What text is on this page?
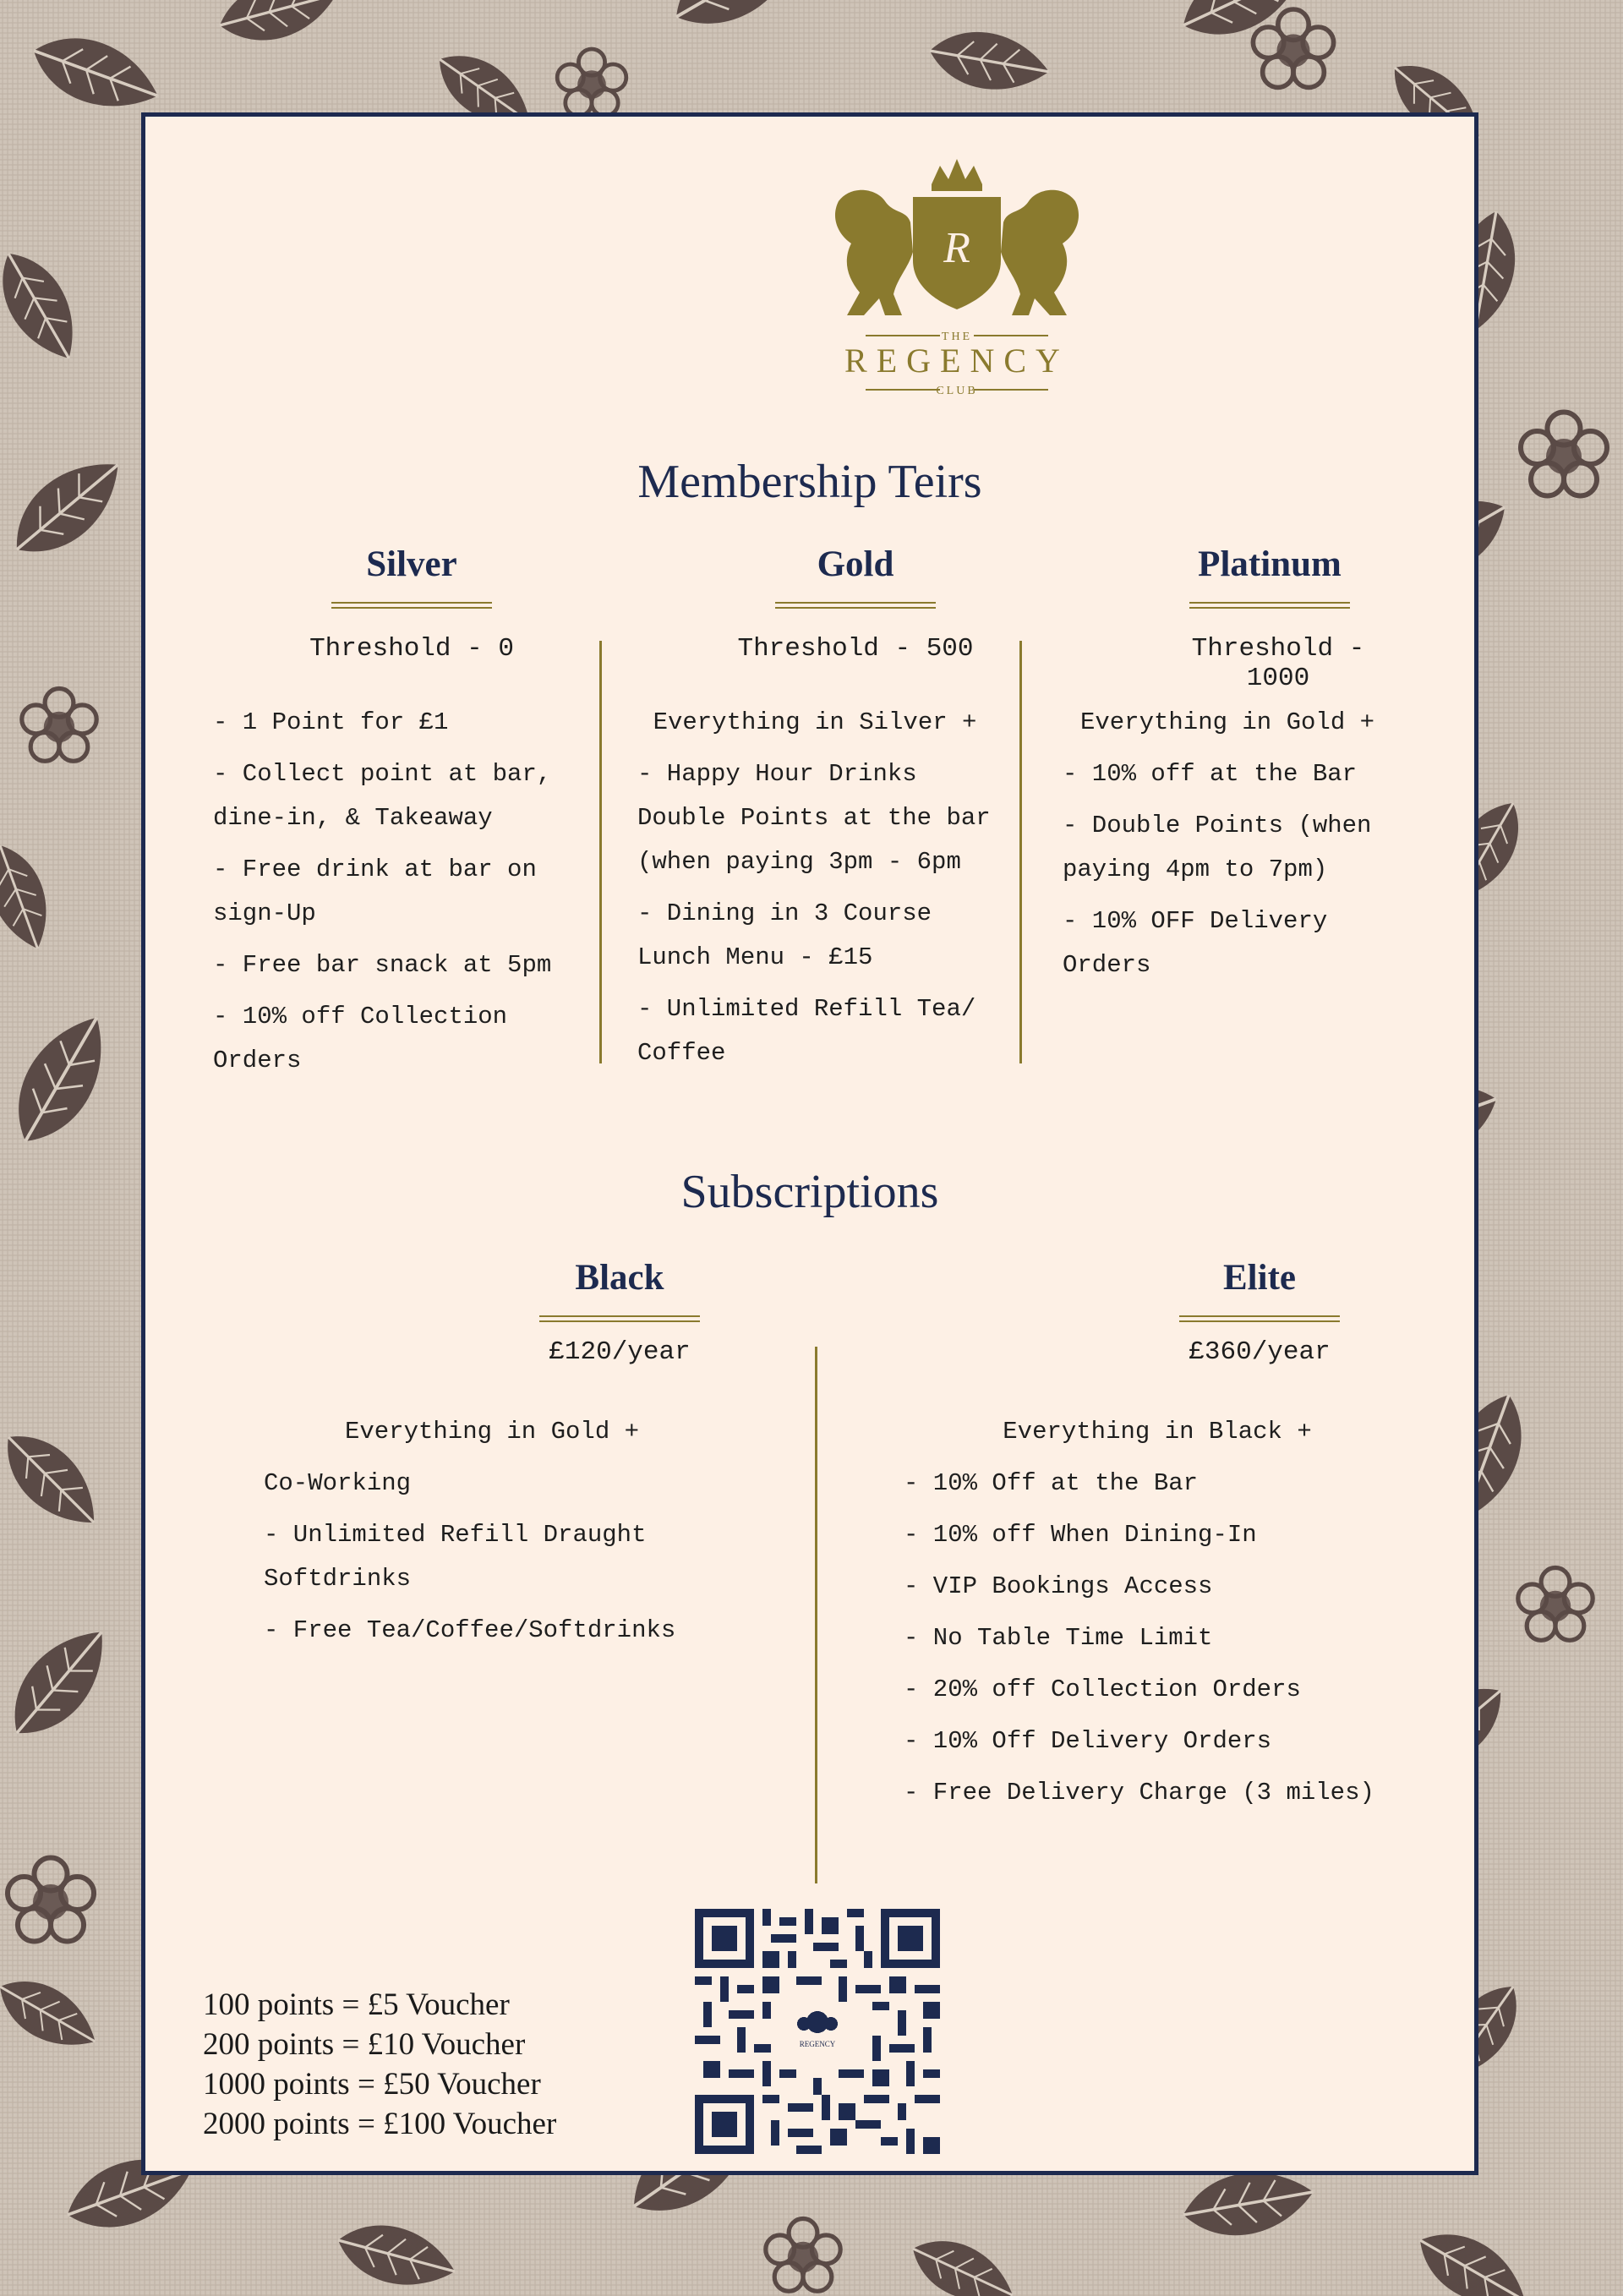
R
THE
REGENCY
CLUB
Membership Teirs
Silver
Threshold - 0
- 1 Point for £1
- Collect point at bar, dine-in, & Takeaway
- Free drink at bar on sign-Up
- Free bar snack at 5pm
- 10% off Collection Orders
Gold
Threshold - 500
Everything in Silver +
- Happy Hour Drinks Double Points at the bar (when paying 3pm - 6pm
- Dining in 3 Course Lunch Menu - £15
- Unlimited Refill Tea/ Coffee
Platinum
Threshold - 1000
Everything in Gold +
- 10% off at the Bar
- Double Points (when paying 4pm to 7pm)
- 10% OFF Delivery Orders
Subscriptions
Black
£120/year
Everything in Gold +
Co-Working
- Unlimited Refill Draught Softdrinks
- Free Tea/Coffee/Softdrinks
Elite
£360/year
Everything in Black +
- 10% Off at the Bar
- 10% off When Dining-In
- VIP Bookings Access
- No Table Time Limit
- 20% off Collection Orders
- 10% Off Delivery Orders
- Free Delivery Charge (3 miles)
100 points = £5 Voucher
200 points = £10 Voucher
1000 points = £50 Voucher
2000 points = £100 Voucher
